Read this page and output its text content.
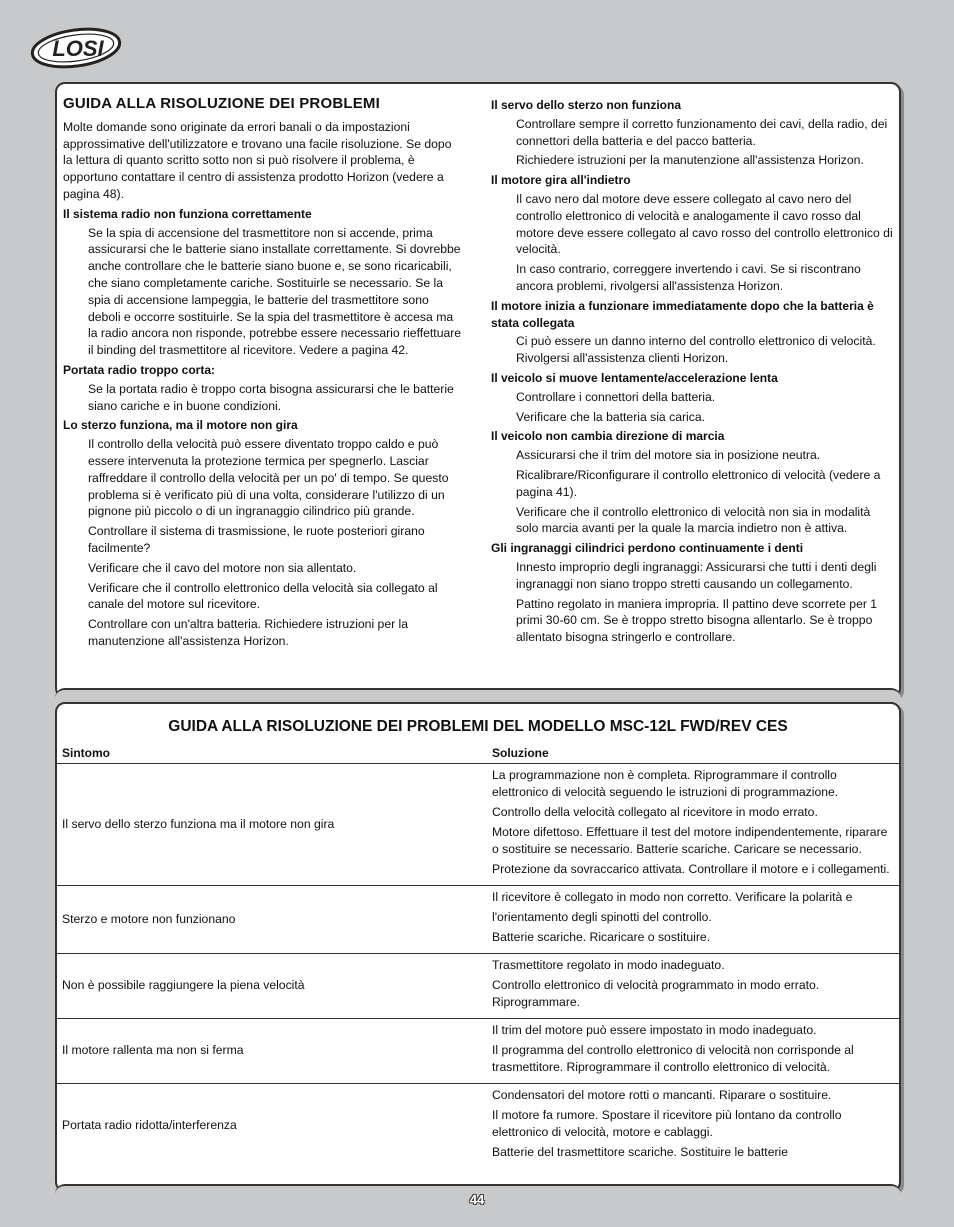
LOSI
GUIDA ALLA RISOLUZIONE DEI PROBLEMI

Molte domande sono originate da errori banali o da impostazioni approssimative dell'utilizzatore e trovano una facile risoluzione. Se dopo la lettura di quanto scritto sotto non si può risolvere il problema, è opportuno contattare il centro di assistenza prodotto Horizon (vedere a pagina 48).

Il sistema radio non funziona correttamente

Se la spia di accensione del trasmettitore non si accende, prima assicurarsi che le batterie siano installate correttamente. Si dovrebbe anche controllare che le batterie siano buone e, se sono ricaricabili, che siano completamente cariche. Sostituirle se necessario. Se la spia di accensione lampeggia, le batterie del trasmettitore sono deboli e occorre sostituirle. Se la spia del trasmettitore è accesa ma la radio ancora non risponde, potrebbe essere necessario rieffettuare il binding del trasmettitore al ricevitore. Vedere a pagina 42.

Portata radio troppo corta:

Se la portata radio è troppo corta bisogna assicurarsi che le batterie siano cariche e in buone condizioni.

Lo sterzo funziona, ma il motore non gira

Il controllo della velocità può essere diventato troppo caldo e può essere intervenuta la protezione termica per spegnerlo. Lasciar raffreddare il controllo della velocità per un po' di tempo. Se questo problema si è verificato più di una volta, considerare l'utilizzo di un pignone più piccolo o di un ingranaggio cilindrico più grande.

Controllare il sistema di trasmissione, le ruote posteriori girano facilmente?

Verificare che il cavo del motore non sia allentato.

Verificare che il controllo elettronico della velocità sia collegato al canale del motore sul ricevitore.

Controllare con un'altra batteria. Richiedere istruzioni per la manutenzione all'assistenza Horizon.

Il servo dello sterzo non funziona

Controllare sempre il corretto funzionamento dei cavi, della radio, dei connettori della batteria e del pacco batteria.

Richiedere istruzioni per la manutenzione all'assistenza Horizon.

Il motore gira all'indietro

Il cavo nero dal motore deve essere collegato al cavo nero del controllo elettronico di velocità e analogamente il cavo rosso dal motore deve essere collegato al cavo rosso del controllo elettronico di velocità.

In caso contrario, correggere invertendo i cavi. Se si riscontrano ancora problemi, rivolgersi all'assistenza Horizon.

Il motore inizia a funzionare immediatamente dopo che la batteria è stata collegata

Ci può essere un danno interno del controllo elettronico di velocità. Rivolgersi all'assistenza clienti Horizon.

Il veicolo si muove lentamente/accelerazione lenta

Controllare i connettori della batteria.

Verificare che la batteria sia carica.

Il veicolo non cambia direzione di marcia

Assicurarsi che il trim del motore sia in posizione neutra.

Ricalibrare/Riconfigurare il controllo elettronico di velocità (vedere a pagina 41).

Verificare che il controllo elettronico di velocità non sia in modalità solo marcia avanti per la quale la marcia indietro non è attiva.

Gli ingranaggi cilindrici perdono continuamente i denti

Innesto improprio degli ingranaggi: Assicurarsi che tutti i denti degli ingranaggi non siano troppo stretti causando un collegamento.

Pattino regolato in maniera impropria. Il pattino deve scorrete per 1 primi 30-60 cm. Se è troppo stretto bisogna allentarlo. Se è troppo allentato bisogna stringerlo e controllare.

GUIDA ALLA RISOLUZIONE DEI PROBLEMI DEL MODELLO MSC-12L FWD/REV CES
Sintomo	Soluzione
Il servo dello sterzo funziona ma il motore non gira	La programmazione non è completa. Riprogrammare il controllo elettronico di velocità seguendo le istruzioni di programmazione.

Controllo della velocità collegato al ricevitore in modo errato.

Motore difettoso. Effettuare il test del motore indipendentemente, riparare o sostituire se necessario. Batterie scariche. Caricare se necessario.

Protezione da sovraccarico attivata. Controllare il motore e i collegamenti.

Sterzo e motore non funzionano	Il ricevitore è collegato in modo non corretto. Verificare la polarità e

l'orientamento degli spinotti del controllo.

Batterie scariche. Ricaricare o sostituire.

Non è possibile raggiungere la piena velocità	Trasmettitore regolato in modo inadeguato.

Controllo elettronico di velocità programmato in modo errato. Riprogrammare.

Il motore rallenta ma non si ferma	Il trim del motore può essere impostato in modo inadeguato.

Il programma del controllo elettronico di velocità non corrisponde al trasmettitore. Riprogrammare il controllo elettronico di velocità.

Portata radio ridotta/interferenza	Condensatori del motore rotti o mancanti. Riparare o sostituire.

Il motore fa rumore. Spostare il ricevitore più lontano da controllo elettronico di velocità, motore e cablaggi.

Batterie del trasmettitore scariche. Sostituire le batterie

44
